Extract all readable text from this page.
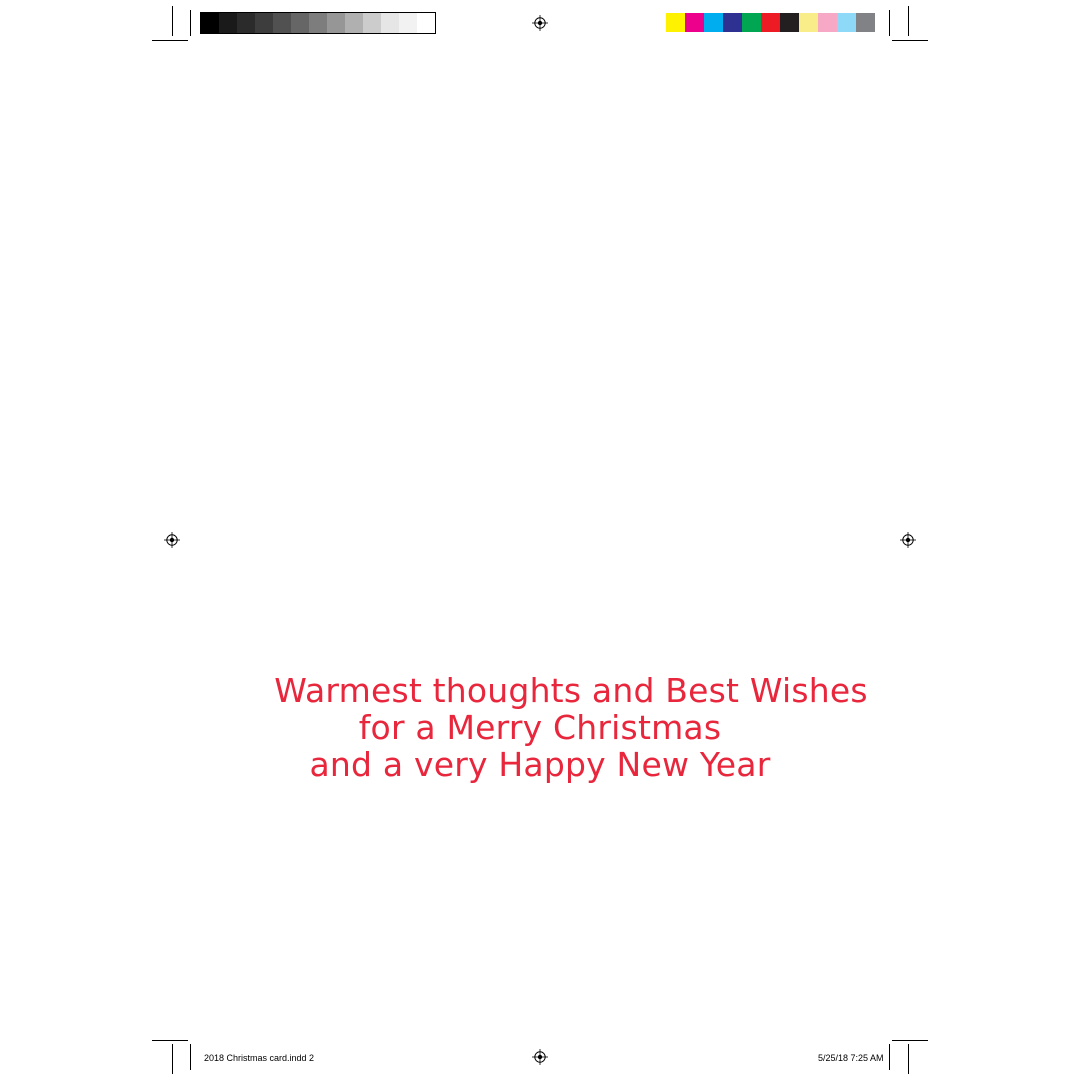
Warmest thoughts and Best Wishes
for a Merry Christmas
and a very Happy New Year
2018 Christmas card.indd 2	5/25/18 7:25 AM
